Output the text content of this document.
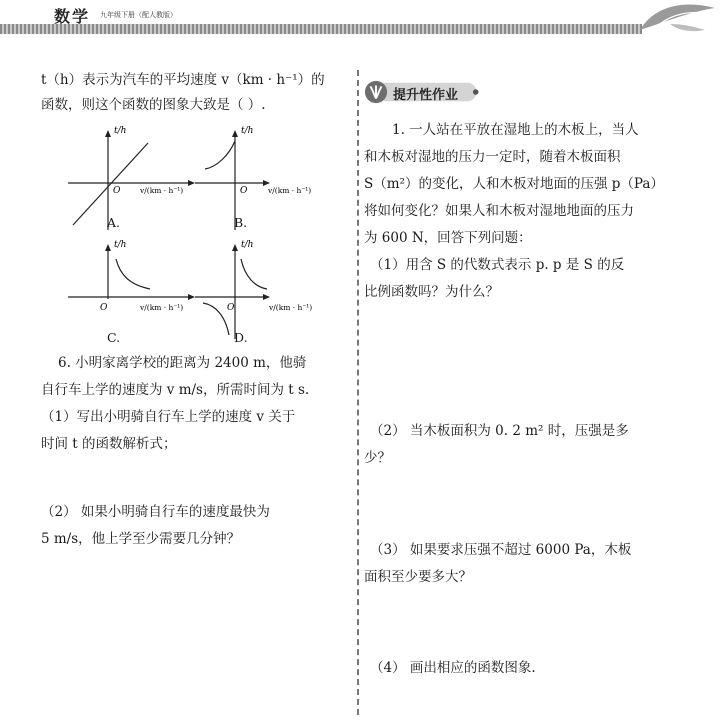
数学 九年级下册（配人教版）
t（h）表示为汽车的平均速度 v（km · h⁻¹）的
函数，则这个函数的图象大致是（ ）.
t/h
O	v/(km · h⁻¹)
A.
t/h
O	v/(km · h⁻¹)
B.
t/h
O	v/(km · h⁻¹)
C.
t/h
O	v/(km · h⁻¹)
D.
6. 小明家离学校的距离为 2400 m，他骑
自行车上学的速度为 v m/s，所需时间为 t s.
（1）写出小明骑自行车上学的速度 v 关于
时间 t 的函数解析式；
（2） 如果小明骑自行车的速度最快为
5 m/s，他上学至少需要几分钟？
提升性作业
1. 一人站在平放在湿地上的木板上，当人
和木板对湿地的压力一定时，随着木板面积
S（m²）的变化，人和木板对地面的压强 p（Pa）
将如何变化？如果人和木板对湿地地面的压力
为 600 N，回答下列问题：
（1）用含 S 的代数式表示 p. p 是 S 的反
比例函数吗？为什么？
（2） 当木板面积为 0. 2 m² 时，压强是多
少？
（3） 如果要求压强不超过 6000 Pa，木板
面积至少要多大？
（4） 画出相应的函数图象.
